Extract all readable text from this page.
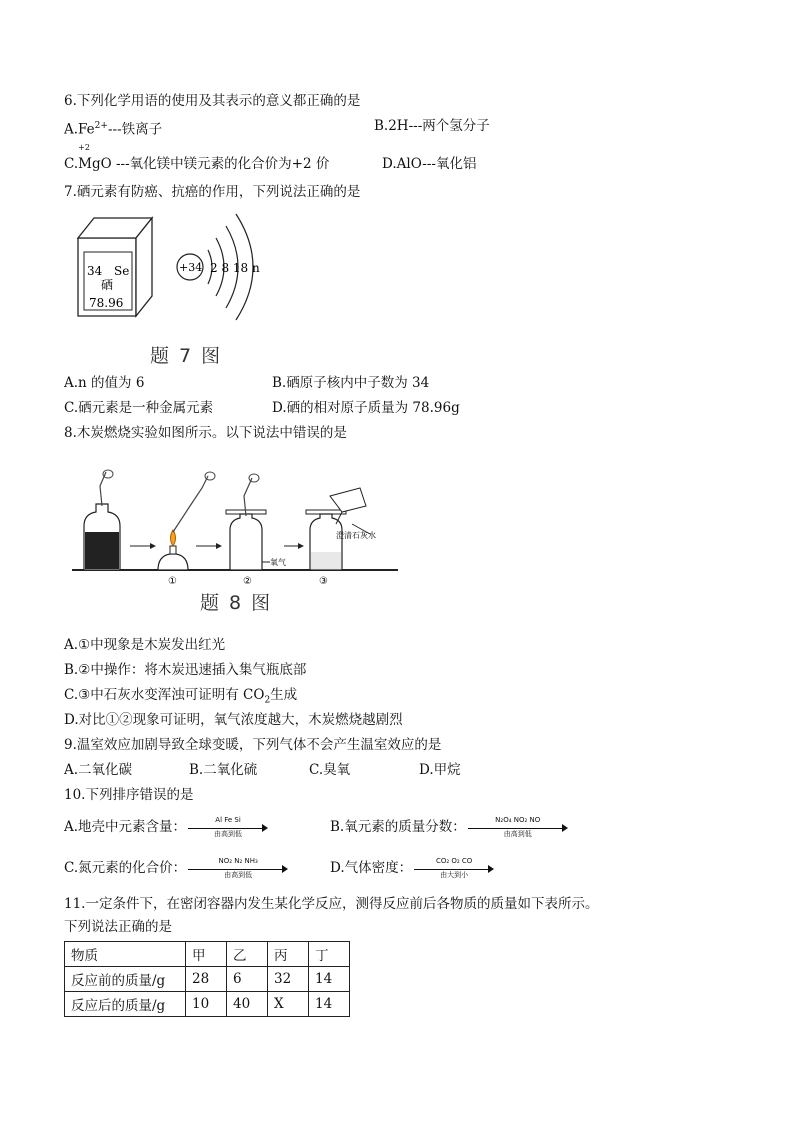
6.下列化学用语的使用及其表示的意义都正确的是
$A.Fe^{2+}---$铁离子	B.2H---两个氢分子
C.
+2
MgO ---氧化镁中镁元素的化合价为+2 价	D.AlO---氧化铝
7.硒元素有防癌、抗癌的作用，下列说法正确的是
34 Se
硒
78.96
+34 2 8 18 n
题 7 图
A.n 的值为 6	B.硒原子核内中子数为 34
C.硒元素是一种金属元素	D.硒的相对原子质量为 78.96g
8.木炭燃烧实验如图所示。以下说法中错误的是
①
氧气
②
澄清石灰水
③
题 8 图
A.①中现象是木炭发出红光
B.②中操作：将木炭迅速插入集气瓶底部
C.③中石灰水变浑浊可证明有 $CO_2$生成
D.对比①②现象可证明，氧气浓度越大，木炭燃烧越剧烈
9.温室效应加剧导致全球变暖，下列气体不会产生温室效应的是
A.二氧化碳	B.二氧化硫	C.臭氧	D.甲烷
10.下列排序错误的是
A.地壳中元素含量：	Al Fe Si
由高到低	B.氧元素的质量分数：	N₂O₄ NO₂ NO
由高到低
C.氮元素的化合价：	NO₂ N₂ NH₃
由高到低	D.气体密度：	CO₂ O₂ CO
由大到小
11.一定条件下，在密闭容器内发生某化学反应，测得反应前后各物质的质量如下表所示。
下列说法正确的是
物质	甲	乙	丙	丁
反应前的质量/g	28	6	32	14
反应后的质量/g	10	40	X	14
